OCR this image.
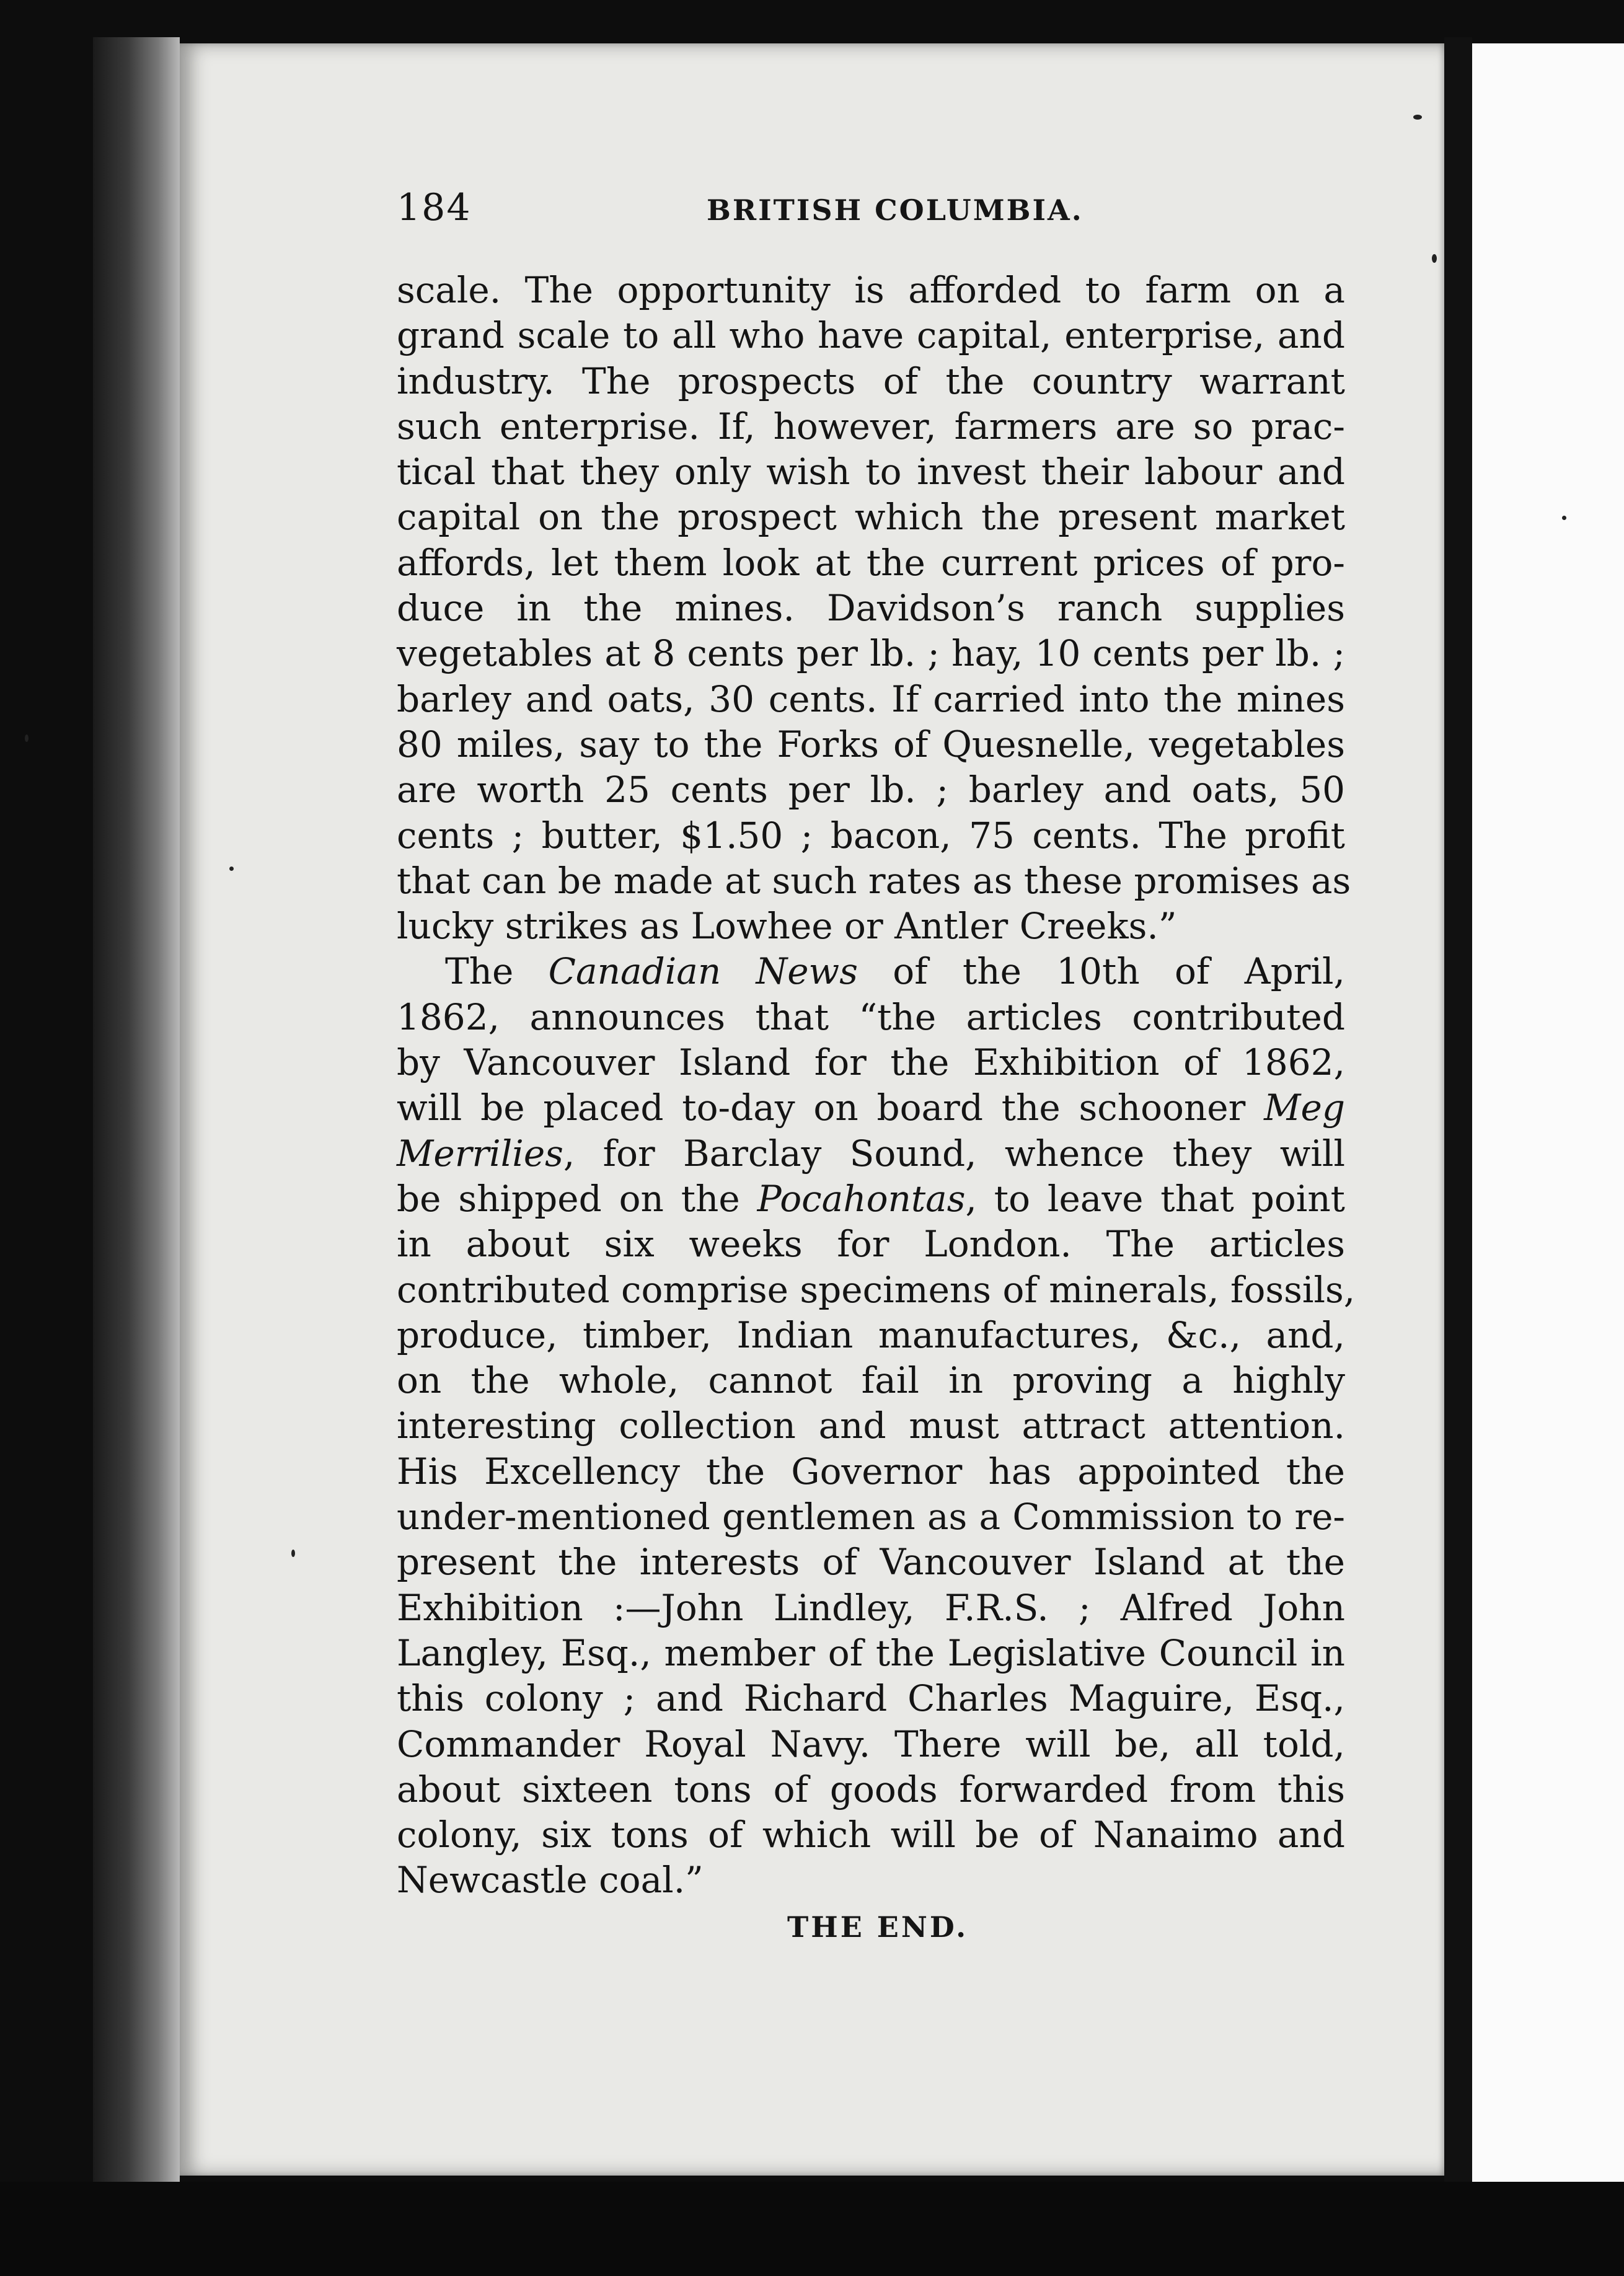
184	BRITISH COLUMBIA.
scale. The opportunity is afforded to farm on a
grand scale to all who have capital, enterprise, and
industry. The prospects of the country warrant
such enterprise. If, however, farmers are so prac-
tical that they only wish to invest their labour and
capital on the prospect which the present market
affords, let them look at the current prices of pro-
duce in the mines. Davidson’s ranch supplies
vegetables at 8 cents per lb. ; hay, 10 cents per lb. ;
barley and oats, 30 cents. If carried into the mines
80 miles, say to the Forks of Quesnelle, vegetables
are worth 25 cents per lb. ; barley and oats, 50
cents ; butter, $1.50 ; bacon, 75 cents. The profit
that can be made at such rates as these promises as
lucky strikes as Lowhee or Antler Creeks.”
The Canadian News of the 10th of April,
1862, announces that “the articles contributed
by Vancouver Island for the Exhibition of 1862,
will be placed to-day on board the schooner Meg
Merrilies, for Barclay Sound, whence they will
be shipped on the Pocahontas, to leave that point
in about six weeks for London. The articles
contributed comprise specimens of minerals, fossils,
produce, timber, Indian manufactures, &c., and,
on the whole, cannot fail in proving a highly
interesting collection and must attract attention.
His Excellency the Governor has appointed the
under-mentioned gentlemen as a Commission to re-
present the interests of Vancouver Island at the
Exhibition :—John Lindley, F.R.S. ; Alfred John
Langley, Esq., member of the Legislative Council in
this colony ; and Richard Charles Maguire, Esq.,
Commander Royal Navy. There will be, all told,
about sixteen tons of goods forwarded from this
colony, six tons of which will be of Nanaimo and
Newcastle coal.”
THE END.
